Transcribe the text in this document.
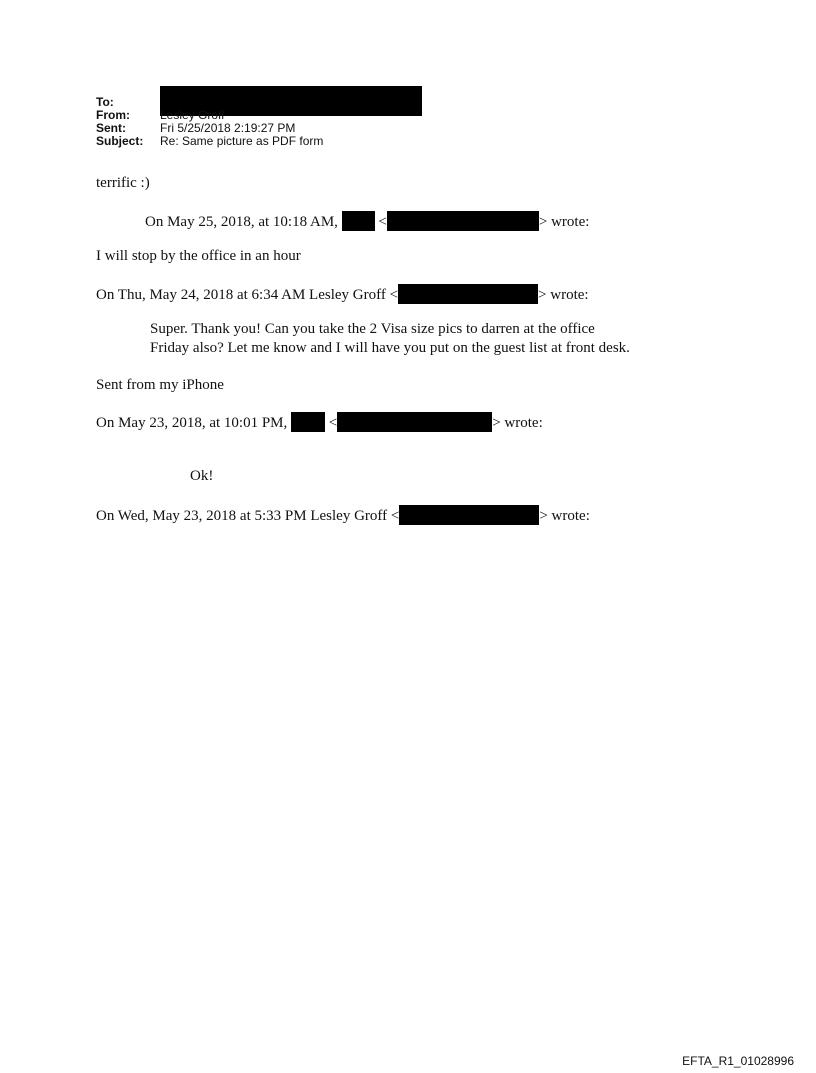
To:
From:	Lesley Groff
Sent:	Fri 5/25/2018 2:19:27 PM
Subject: Re: Same picture as PDF form
terrific :)
On May 25, 2018, at 10:18 AM,	<	> wrote:
I will stop by the office in an hour
On Thu, May 24, 2018 at 6:34 AM Lesley Groff <	> wrote:
Super. Thank you! Can you take the 2 Visa size pics to darren at the office
Friday also? Let me know and I will have you put on the guest list at front desk.
Sent from my iPhone
On May 23, 2018, at 10:01 PM,	<	> wrote:
Ok!
On Wed, May 23, 2018 at 5:33 PM Lesley Groff <	> wrote:
EFTA_R1_01028996
